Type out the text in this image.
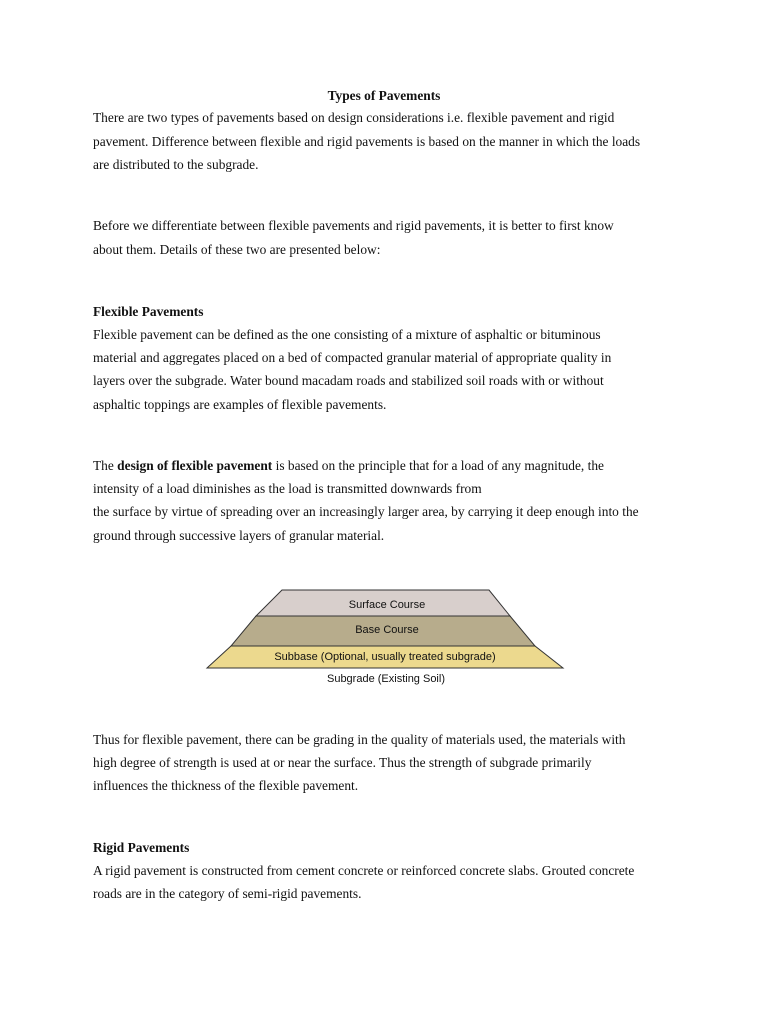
Types of Pavements
There are two types of pavements based on design considerations i.e. flexible pavement and rigid
pavement. Difference between flexible and rigid pavements is based on the manner in which the loads
are distributed to the subgrade.
Before we differentiate between flexible pavements and rigid pavements, it is better to first know
about them. Details of these two are presented below:
Flexible Pavements
Flexible pavement can be defined as the one consisting of a mixture of asphaltic or bituminous
material and aggregates placed on a bed of compacted granular material of appropriate quality in
layers over the subgrade. Water bound macadam roads and stabilized soil roads with or without
asphaltic toppings are examples of flexible pavements.
The design of flexible pavement is based on the principle that for a load of any magnitude, the
intensity of a load diminishes as the load is transmitted downwards from
the surface by virtue of spreading over an increasingly larger area, by carrying it deep enough into the
ground through successive layers of granular material.
Surface Course
Base Course
Subbase (Optional, usually treated subgrade)
Subgrade (Existing Soil)
Thus for flexible pavement, there can be grading in the quality of materials used, the materials with
high degree of strength is used at or near the surface. Thus the strength of subgrade primarily
influences the thickness of the flexible pavement.
Rigid Pavements
A rigid pavement is constructed from cement concrete or reinforced concrete slabs. Grouted concrete
roads are in the category of semi-rigid pavements.
